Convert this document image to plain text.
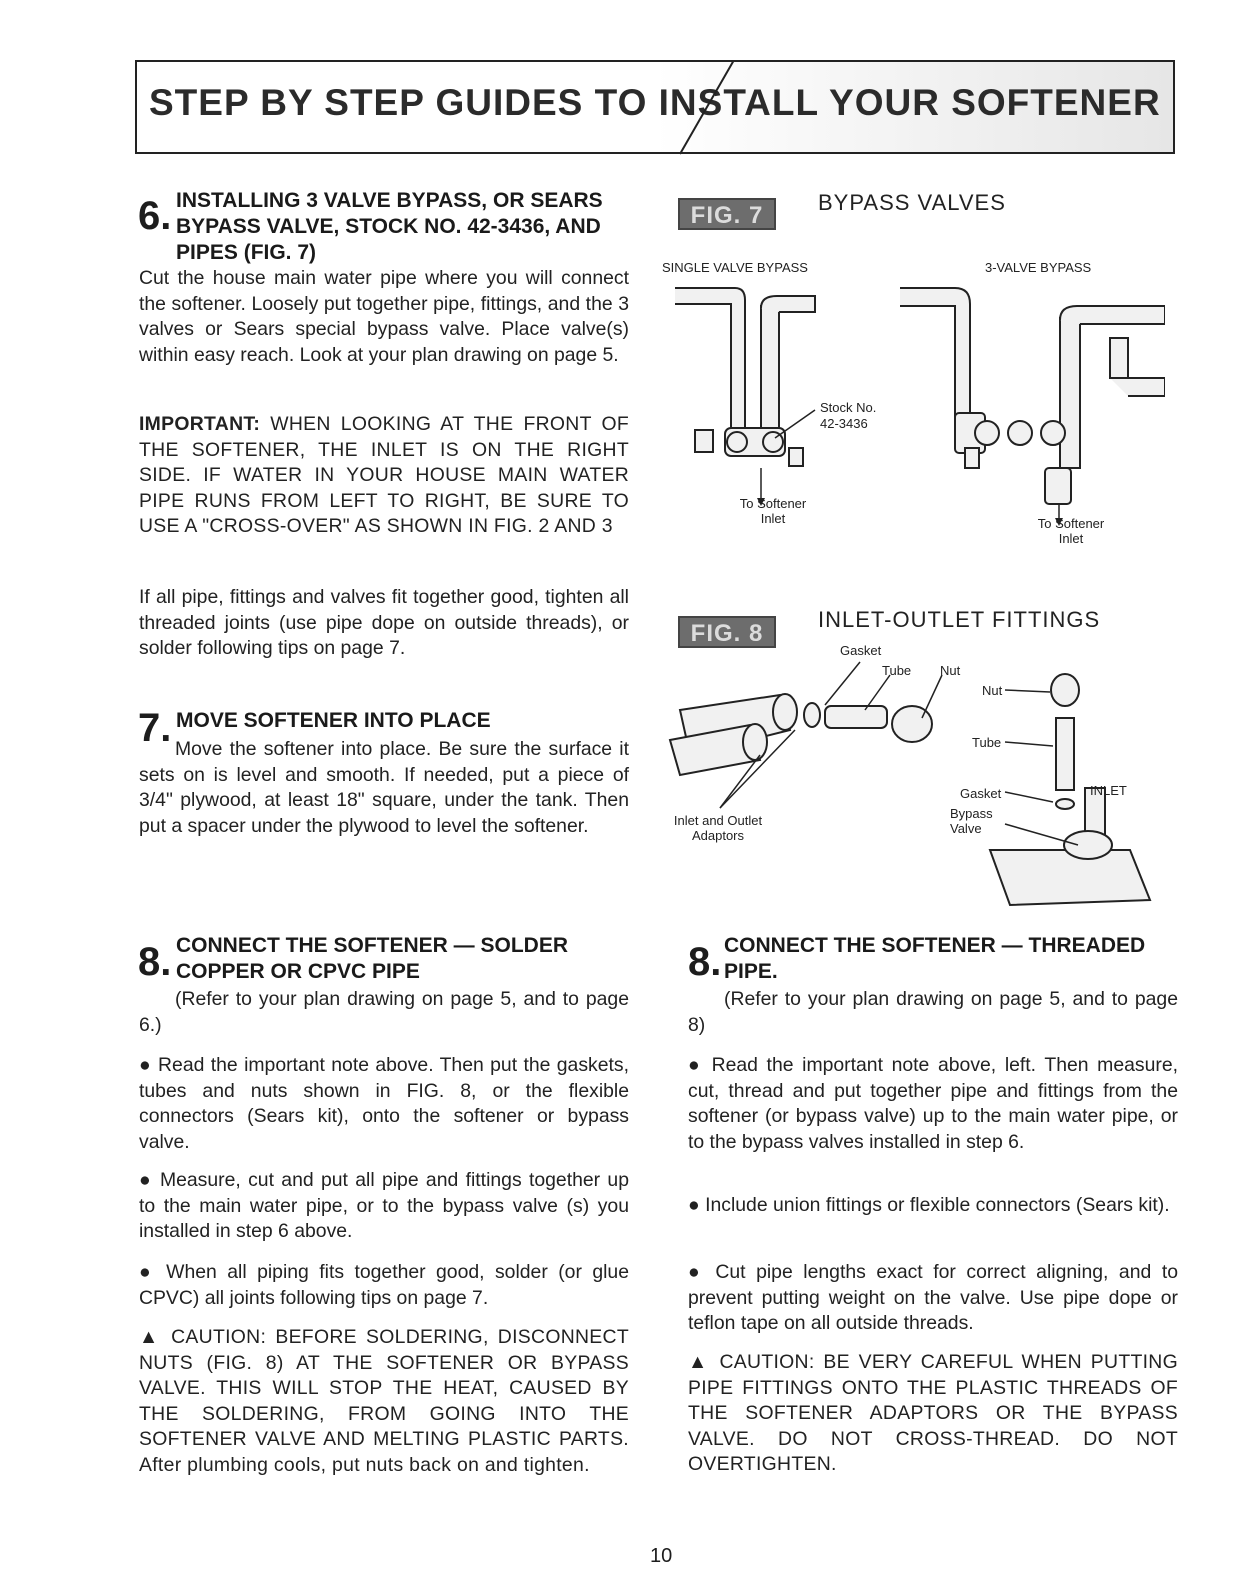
STEP BY STEP GUIDES TO INSTALL YOUR SOFTENER
6. INSTALLING 3 VALVE BYPASS, OR SEARS BYPASS VALVE, STOCK NO. 42-3436, AND PIPES (FIG. 7)
Cut the house main water pipe where you will connect the softener. Loosely put together pipe, fittings, and the 3 valves or Sears special bypass valve. Place valve(s) within easy reach. Look at your plan drawing on page 5.
IMPORTANT: WHEN LOOKING AT THE FRONT OF THE SOFTENER, THE INLET IS ON THE RIGHT SIDE. IF WATER IN YOUR HOUSE MAIN WATER PIPE RUNS FROM LEFT TO RIGHT, BE SURE TO USE A "CROSS-OVER" AS SHOWN IN FIG. 2 AND 3
If all pipe, fittings and valves fit together good, tighten all threaded joints (use pipe dope on outside threads), or solder following tips on page 7.
7. MOVE SOFTENER INTO PLACE
Move the softener into place. Be sure the surface it sets on is level and smooth. If needed, put a piece of 3/4" plywood, at least 18" square, under the tank. Then put a spacer under the plywood to level the softener.
FIG. 7	BYPASS VALVES
SINGLE VALVE BYPASS	3-VALVE BYPASS
Stock No.
42-3436
To Softener Inlet	To Softener Inlet
FIG. 8
INLET-OUTLET FITTINGS
Gasket
Tube Nut
Inlet and Outlet Adaptors
Nut
Tube
Gasket
Bypass Valve
INLET
8. CONNECT THE SOFTENER — SOLDER COPPER OR CPVC PIPE
(Refer to your plan drawing on page 5, and to page 6.)
● Read the important note above. Then put the gaskets, tubes and nuts shown in FIG. 8, or the flexible connectors (Sears kit), onto the softener or bypass valve.
● Measure, cut and put all pipe and fittings together up to the main water pipe, or to the bypass valve (s) you installed in step 6 above.
● When all piping fits together good, solder (or glue CPVC) all joints following tips on page 7.
▲ CAUTION: BEFORE SOLDERING, DISCONNECT NUTS (FIG. 8) AT THE SOFTENER OR BYPASS VALVE. THIS WILL STOP THE HEAT, CAUSED BY THE SOLDERING, FROM GOING INTO THE SOFTENER VALVE AND MELTING PLASTIC PARTS. After plumbing cools, put nuts back on and tighten.
8. CONNECT THE SOFTENER — THREADED PIPE.
(Refer to your plan drawing on page 5, and to page 8)
● Read the important note above, left. Then measure, cut, thread and put together pipe and fittings from the softener (or bypass valve) up to the main water pipe, or to the bypass valves installed in step 6.
● Include union fittings or flexible connectors (Sears kit).
● Cut pipe lengths exact for correct aligning, and to prevent putting weight on the valve. Use pipe dope or teflon tape on all outside threads.
▲ CAUTION: BE VERY CAREFUL WHEN PUTTING PIPE FITTINGS ONTO THE PLASTIC THREADS OF THE SOFTENER ADAPTORS OR THE BYPASS VALVE. DO NOT CROSS-THREAD. DO NOT OVERTIGHTEN.
10
